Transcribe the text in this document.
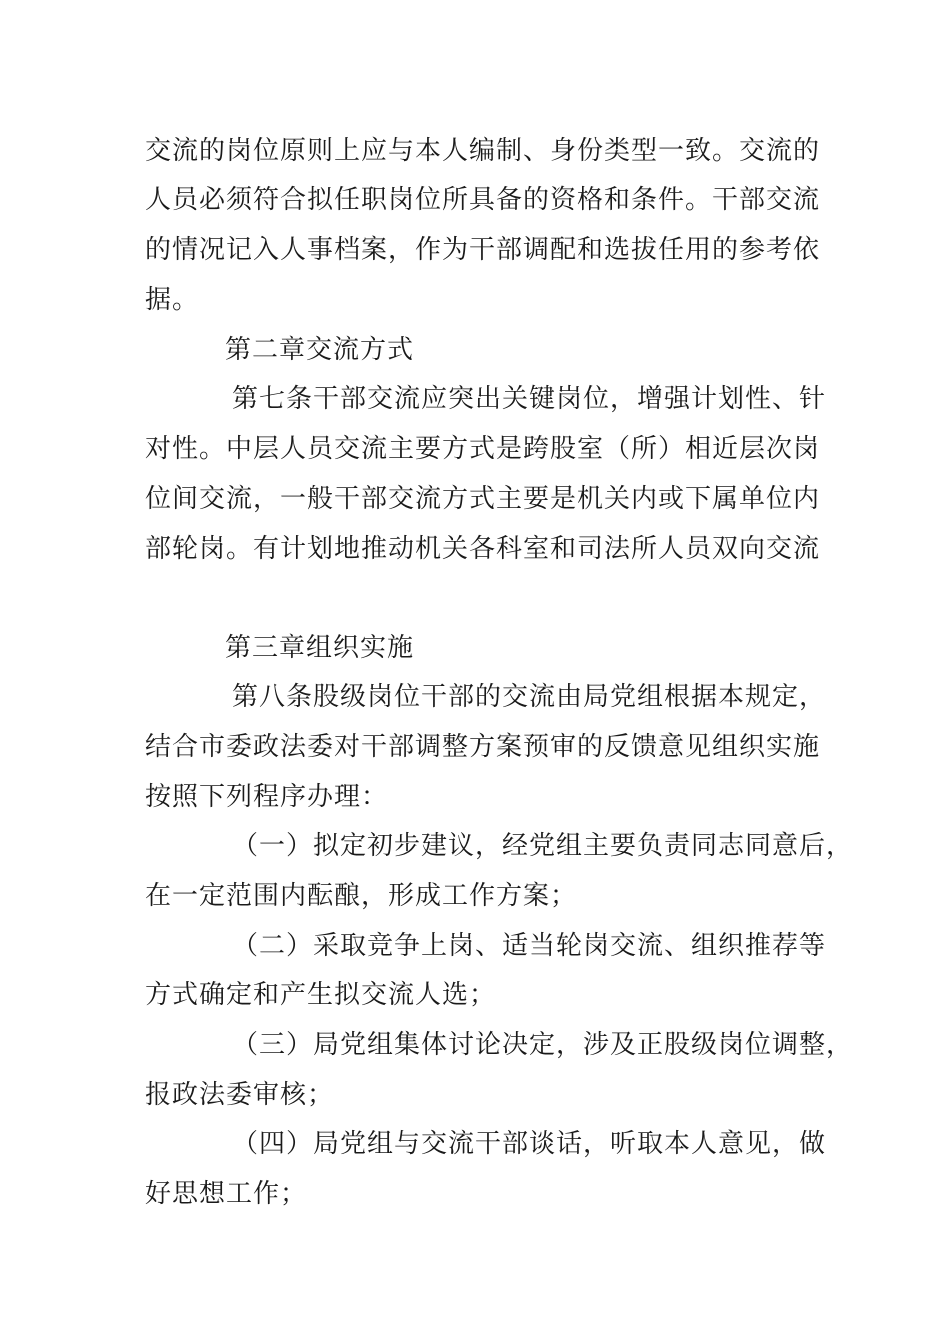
交流的岗位原则上应与本人编制、身份类型一致。交流的
人员必须符合拟任职岗位所具备的资格和条件。干部交流
的情况记入人事档案，作为干部调配和选拔任用的参考依
据。
第二章交流方式
第七条干部交流应突出关键岗位，增强计划性、针
对性。中层人员交流主要方式是跨股室（所）相近层次岗
位间交流，一般干部交流方式主要是机关内或下属单位内
部轮岗。有计划地推动机关各科室和司法所人员双向交流
第三章组织实施
第八条股级岗位干部的交流由局党组根据本规定，
结合市委政法委对干部调整方案预审的反馈意见组织实施
按照下列程序办理：
（一）拟定初步建议，经党组主要负责同志同意后，
在一定范围内酝酿，形成工作方案；
（二）采取竞争上岗、适当轮岗交流、组织推荐等
方式确定和产生拟交流人选；
（三）局党组集体讨论决定，涉及正股级岗位调整，
报政法委审核；
（四）局党组与交流干部谈话，听取本人意见，做
好思想工作；
